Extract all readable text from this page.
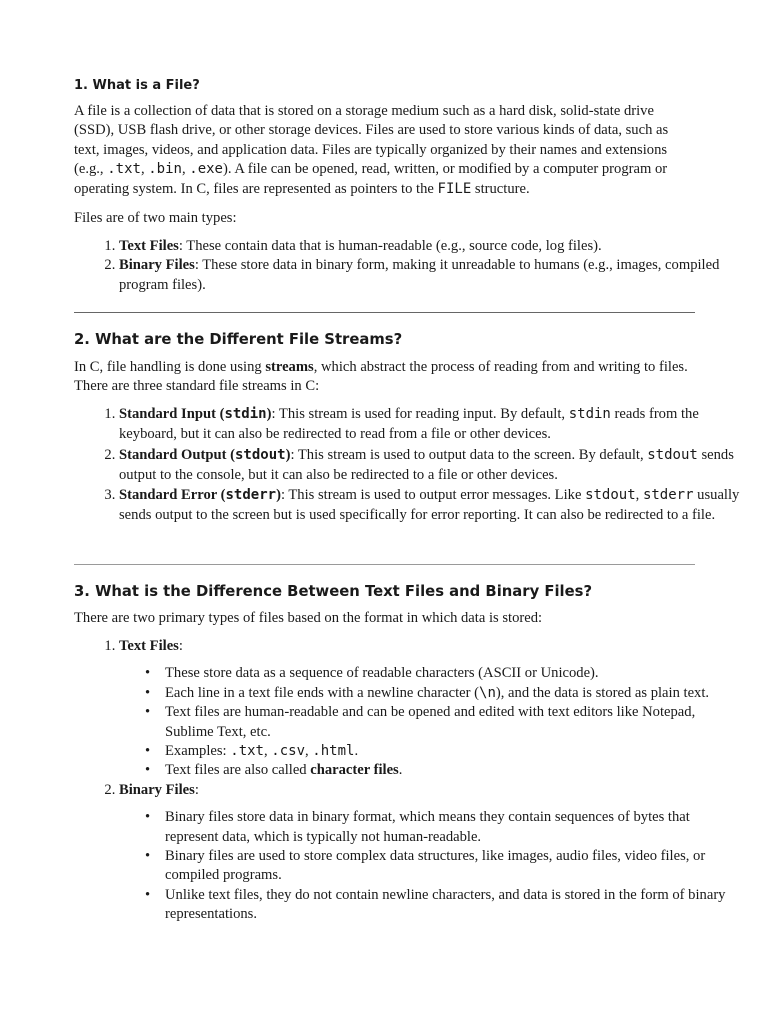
1. What is a File?

A file is a collection of data that is stored on a storage medium such as a hard disk, solid-state drive (SSD), USB flash drive, or other storage devices. Files are used to store various kinds of data, such as text, images, videos, and application data. Files are typically organized by their names and extensions (e.g., .txt, .bin, .exe). A file can be opened, read, written, or modified by a computer program or operating system. In C, files are represented as pointers to the FILE structure.

Files are of two main types:

1. Text Files: These contain data that is human-readable (e.g., source code, log files).
2. Binary Files: These store data in binary form, making it unreadable to humans (e.g., images, compiled program files).
2. What are the Different File Streams?

In C, file handling is done using streams, which abstract the process of reading from and writing to files. There are three standard file streams in C:

1. Standard Input (stdin): This stream is used for reading input. By default, stdin reads from the keyboard, but it can also be redirected to read from a file or other devices.
2. Standard Output (stdout): This stream is used to output data to the screen. By default, stdout sends output to the console, but it can also be redirected to a file or other devices.
3. Standard Error (stderr): This stream is used to output error messages. Like stdout, stderr usually sends output to the screen but is used specifically for error reporting. It can also be redirected to a file.
3. What is the Difference Between Text Files and Binary Files?

There are two primary types of files based on the format in which data is stored:

1. Text Files:
• These store data as a sequence of readable characters (ASCII or Unicode).
• Each line in a text file ends with a newline character (\n), and the data is stored as plain text.
• Text files are human-readable and can be opened and edited with text editors like Notepad, Sublime Text, etc.
• Examples: .txt, .csv, .html.
• Text files are also called character files.
2. Binary Files:
• Binary files store data in binary format, which means they contain sequences of bytes that represent data, which is typically not human-readable.
• Binary files are used to store complex data structures, like images, audio files, video files, or compiled programs.
• Unlike text files, they do not contain newline characters, and data is stored in the form of binary representations.
